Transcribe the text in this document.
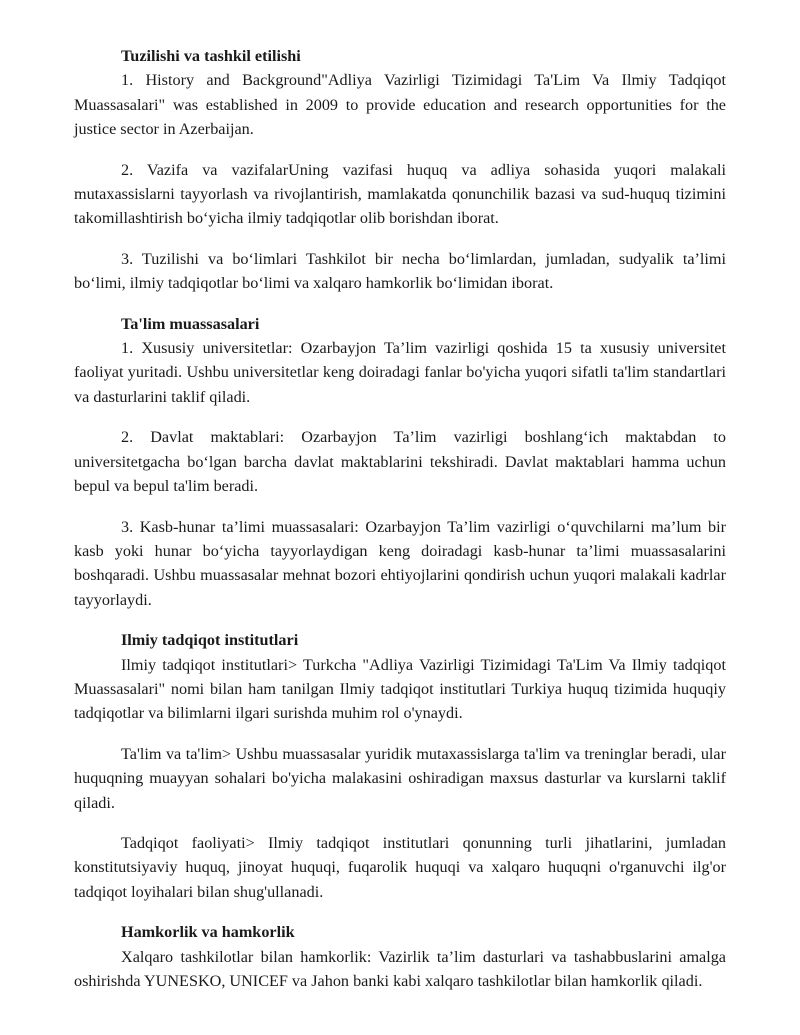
Tuzilishi va tashkil etilishi

1. History and Background"Adliya Vazirligi Tizimidagi Ta'Lim Va Ilmiy Tadqiqot Muassasalari" was established in 2009 to provide education and research opportunities for the justice sector in Azerbaijan.

2. Vazifa va vazifalarUning vazifasi huquq va adliya sohasida yuqori malakali mutaxassislarni tayyorlash va rivojlantirish, mamlakatda qonunchilik bazasi va sud-huquq tizimini takomillashtirish bo‘yicha ilmiy tadqiqotlar olib borishdan iborat.

3. Tuzilishi va bo‘limlari Tashkilot bir necha bo‘limlardan, jumladan, sudyalik ta’limi bo‘limi, ilmiy tadqiqotlar bo‘limi va xalqaro hamkorlik bo‘limidan iborat.

Ta'lim muassasalari

1. Xususiy universitetlar: Ozarbayjon Ta’lim vazirligi qoshida 15 ta xususiy universitet faoliyat yuritadi. Ushbu universitetlar keng doiradagi fanlar bo'yicha yuqori sifatli ta'lim standartlari va dasturlarini taklif qiladi.

2. Davlat maktablari: Ozarbayjon Ta’lim vazirligi boshlang‘ich maktabdan to universitetgacha bo‘lgan barcha davlat maktablarini tekshiradi. Davlat maktablari hamma uchun bepul va bepul ta'lim beradi.

3. Kasb-hunar ta’limi muassasalari: Ozarbayjon Ta’lim vazirligi o‘quvchilarni ma’lum bir kasb yoki hunar bo‘yicha tayyorlaydigan keng doiradagi kasb-hunar ta’limi muassasalarini boshqaradi. Ushbu muassasalar mehnat bozori ehtiyojlarini qondirish uchun yuqori malakali kadrlar tayyorlaydi.

Ilmiy tadqiqot institutlari

Ilmiy tadqiqot institutlari> Turkcha "Adliya Vazirligi Tizimidagi Ta'Lim Va Ilmiy tadqiqot Muassasalari" nomi bilan ham tanilgan Ilmiy tadqiqot institutlari Turkiya huquq tizimida huquqiy tadqiqotlar va bilimlarni ilgari surishda muhim rol o'ynaydi.

Ta'lim va ta'lim> Ushbu muassasalar yuridik mutaxassislarga ta'lim va treninglar beradi, ular huquqning muayyan sohalari bo'yicha malakasini oshiradigan maxsus dasturlar va kurslarni taklif qiladi.

Tadqiqot faoliyati> Ilmiy tadqiqot institutlari qonunning turli jihatlarini, jumladan konstitutsiyaviy huquq, jinoyat huquqi, fuqarolik huquqi va xalqaro huquqni o'rganuvchi ilg'or tadqiqot loyihalari bilan shug'ullanadi.

Hamkorlik va hamkorlik

Xalqaro tashkilotlar bilan hamkorlik: Vazirlik ta’lim dasturlari va tashabbuslarini amalga oshirishda YUNESKO, UNICEF va Jahon banki kabi xalqaro tashkilotlar bilan hamkorlik qiladi.
